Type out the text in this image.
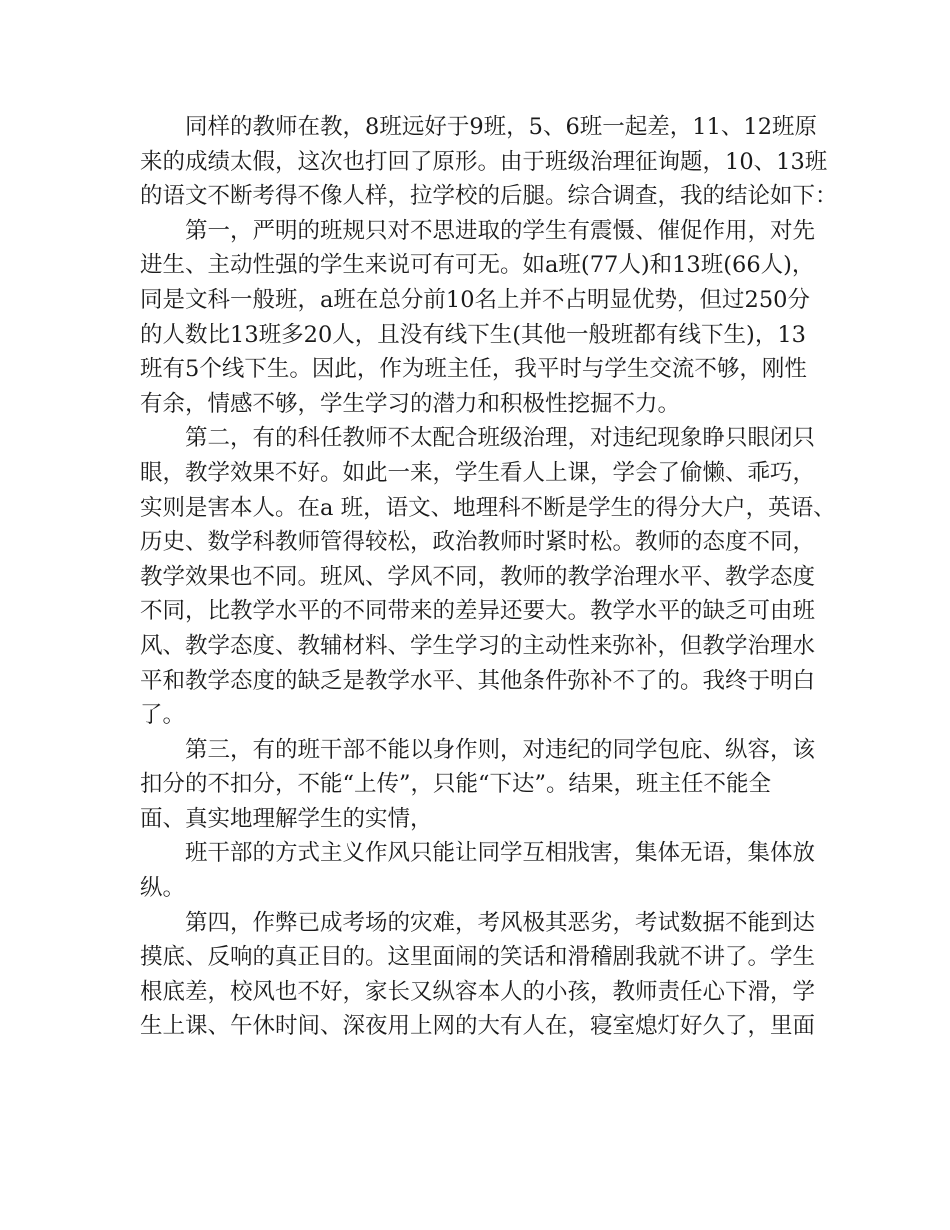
同样的教师在教，8班远好于9班，5、6班一起差，11、12班原
来的成绩太假，这次也打回了原形。由于班级治理征询题，10、13班
的语文不断考得不像人样，拉学校的后腿。综合调查，我的结论如下：
第一，严明的班规只对不思进取的学生有震慑、催促作用，对先
进生、主动性强的学生来说可有可无。如a班(77人)和13班(66人)，
同是文科一般班，a班在总分前10名上并不占明显优势，但过250分
的人数比13班多20人，且没有线下生(其他一般班都有线下生)，13
班有5个线下生。因此，作为班主任，我平时与学生交流不够，刚性
有余，情感不够，学生学习的潜力和积极性挖掘不力。
第二，有的科任教师不太配合班级治理，对违纪现象睁只眼闭只
眼，教学效果不好。如此一来，学生看人上课，学会了偷懒、乖巧，
实则是害本人。在a 班，语文、地理科不断是学生的得分大户，英语、
历史、数学科教师管得较松，政治教师时紧时松。教师的态度不同，
教学效果也不同。班风、学风不同，教师的教学治理水平、教学态度
不同，比教学水平的不同带来的差异还要大。教学水平的缺乏可由班
风、教学态度、教辅材料、学生学习的主动性来弥补，但教学治理水
平和教学态度的缺乏是教学水平、其他条件弥补不了的。我终于明白
了。
第三，有的班干部不能以身作则，对违纪的同学包庇、纵容，该
扣分的不扣分，不能“上传”，只能“下达”。结果，班主任不能全
面、真实地理解学生的实情，
班干部的方式主义作风只能让同学互相戕害，集体无语，集体放
纵。
第四，作弊已成考场的灾难，考风极其恶劣，考试数据不能到达
摸底、反响的真正目的。这里面闹的笑话和滑稽剧我就不讲了。学生
根底差，校风也不好，家长又纵容本人的小孩，教师责任心下滑，学
生上课、午休时间、深夜用上网的大有人在，寝室熄灯好久了，里面
